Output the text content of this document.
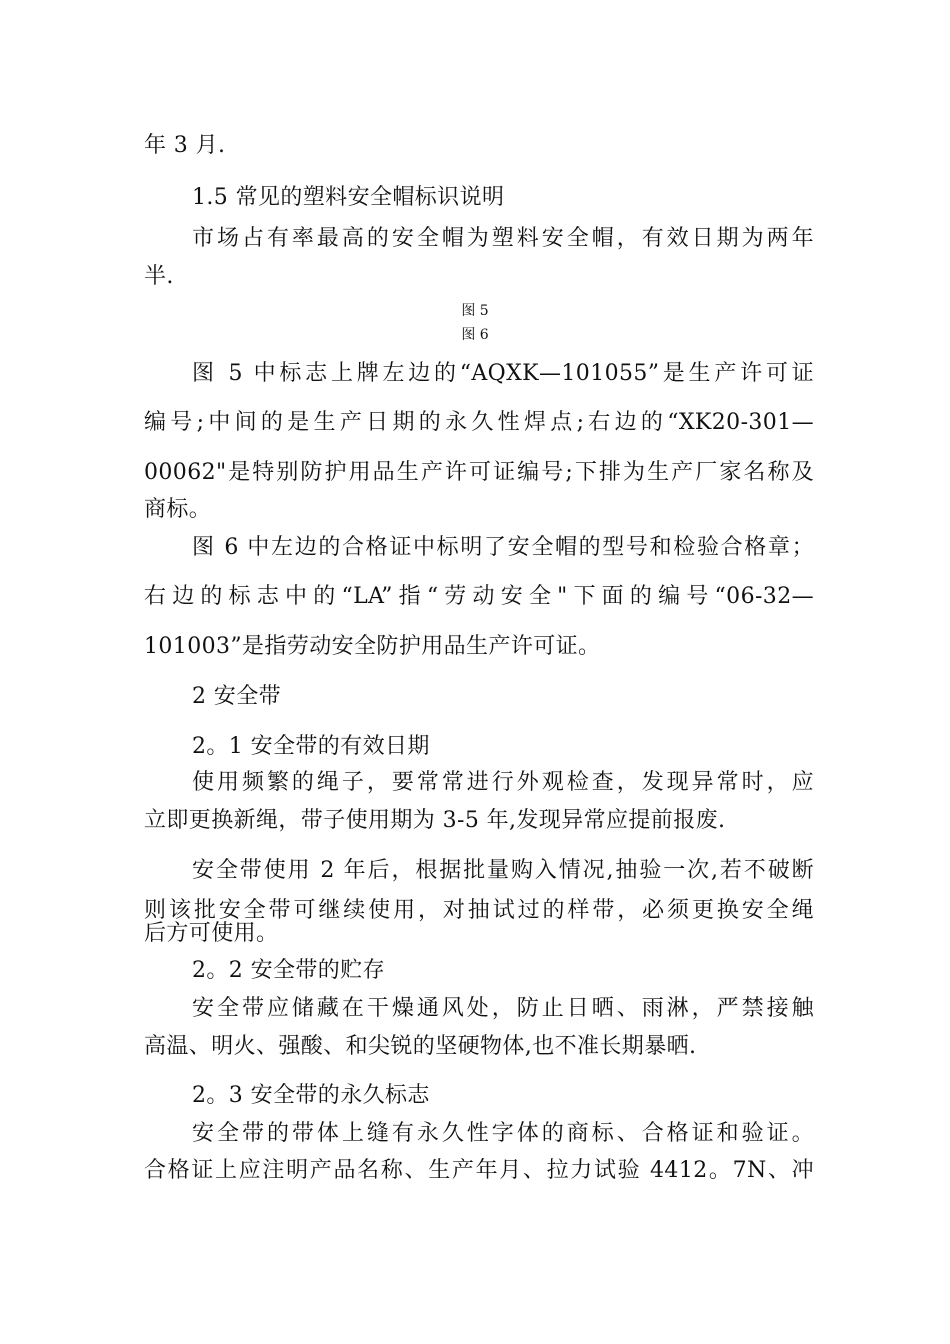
年 3 月.
1.5 常见的塑料安全帽标识说明
市场占有率最高的安全帽为塑料安全帽，有效日期为两年
半.
图 5
图 6
图 5 中标志上牌左边的“AQXK—101055”是生产许可证
编号;中间的是生产日期的永久性焊点;右边的“XK20-301—
00062"是特别防护用品生产许可证编号;下排为生产厂家名称及
商标。
图 6 中左边的合格证中标明了安全帽的型号和检验合格章；
右边的标志中的“LA”指“劳动安全"下面的编号“06-32—
101003”是指劳动安全防护用品生产许可证。
2 安全带
2。1 安全带的有效日期
使用频繁的绳子，要常常进行外观检查，发现异常时，应
立即更换新绳，带子使用期为 3-5 年,发现异常应提前报废.
安全带使用 2 年后，根据批量购入情况,抽验一次,若不破断
则该批安全带可继续使用，对抽试过的样带，必须更换安全绳
后方可使用。
2。2 安全带的贮存
安全带应储藏在干燥通风处，防止日晒、雨淋，严禁接触
高温、明火、强酸、和尖锐的坚硬物体,也不准长期暴晒.
2。3 安全带的永久标志
安全带的带体上缝有永久性字体的商标、合格证和验证。
合格证上应注明产品名称、生产年月、拉力试验 4412。7N、冲
